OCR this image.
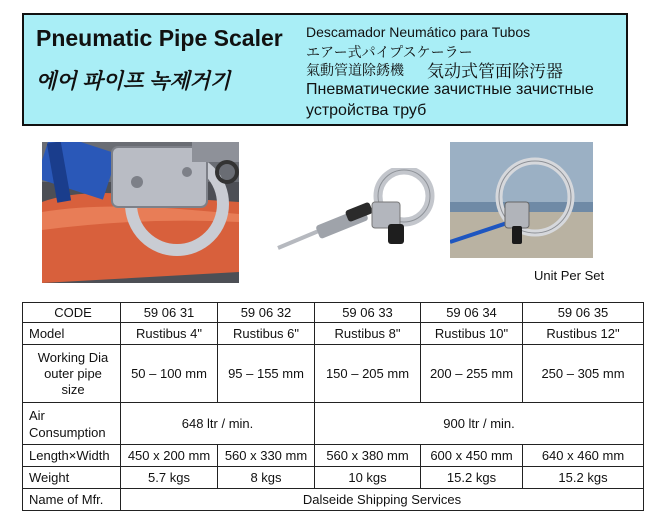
Pneumatic Pipe Scaler
에어 파이프 녹제거기
Descamador Neumático para Tubos
エアー式パイプスケーラー
氣動管道除銹機 気动式管面除汚器
Пневматические зачистные зачистные
устройства труб
Unit Per Set
CODE	59 06 31	59 06 32	59 06 33	59 06 34	59 06 35
Model	Rustibus 4"	Rustibus 6"	Rustibus 8"	Rustibus 10"	Rustibus 12"

Working Dia
outer pipe
size	50 – 100 mm	95 – 155 mm	150 – 205 mm	200 – 255 mm	250 – 305 mm

Air
Consumption	648 ltr / min.		900 ltr / min.		
Length×Width	450 x 200 mm	560 x 330 mm	560 x 380 mm	600 x 450 mm	640 x 460 mm
Weight	5.7 kgs	8 kgs	10 kgs	15.2 kgs	15.2 kgs
Name of Mfr.	Dalseide Shipping Services				
